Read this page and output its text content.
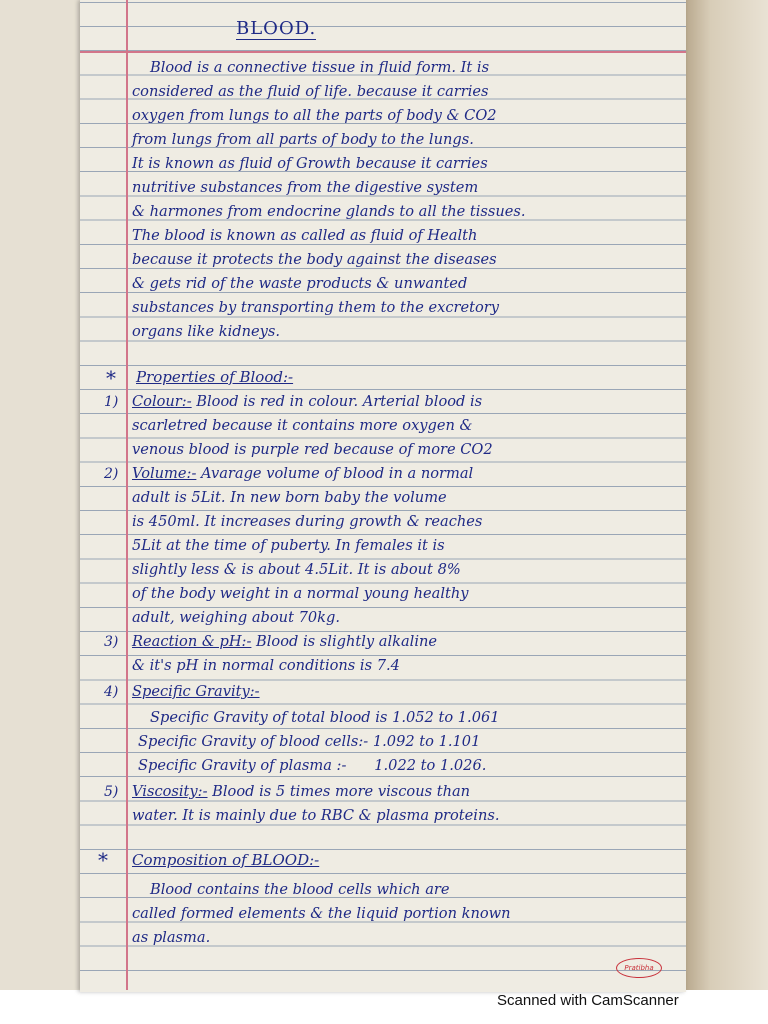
BLOOD.
Blood is a connective tissue in fluid form. It is
considered as the fluid of life. because it carries
oxygen from lungs to all the parts of body & CO2
from lungs from all parts of body to the lungs.
It is known as fluid of Growth because it carries
nutritive substances from the digestive system
& harmones from endocrine glands to all the tissues.
The blood is known as called as fluid of Health
because it protects the body against the diseases
& gets rid of the waste products & unwanted
substances by transporting them to the excretory
organs like kidneys.
* Properties of Blood:-
1) Colour:- Blood is red in colour. Arterial blood is
scarletred because it contains more oxygen &
venous blood is purple red because of more CO2
2) Volume:- Avarage volume of blood in a normal
adult is 5Lit. In new born baby the volume
is 450ml. It increases during growth & reaches
5Lit at the time of puberty. In females it is
slightly less & is about 4.5Lit. It is about 8%
of the body weight in a normal young healthy
adult, weighing about 70kg.
3) Reaction & pH:- Blood is slightly alkaline
& it's pH in normal conditions is 7.4
4) Specific Gravity:-
Specific Gravity of total blood is 1.052 to 1.061
Specific Gravity of blood cells:- 1.092 to 1.101
Specific Gravity of plasma :-      1.022 to 1.026.
5) Viscosity:- Blood is 5 times more viscous than
water. It is mainly due to RBC & plasma proteins.
* Composition of BLOOD:-
Blood contains the blood cells which are
called formed elements & the liquid portion known
as plasma.
Pratibha
Scanned with CamScanner
